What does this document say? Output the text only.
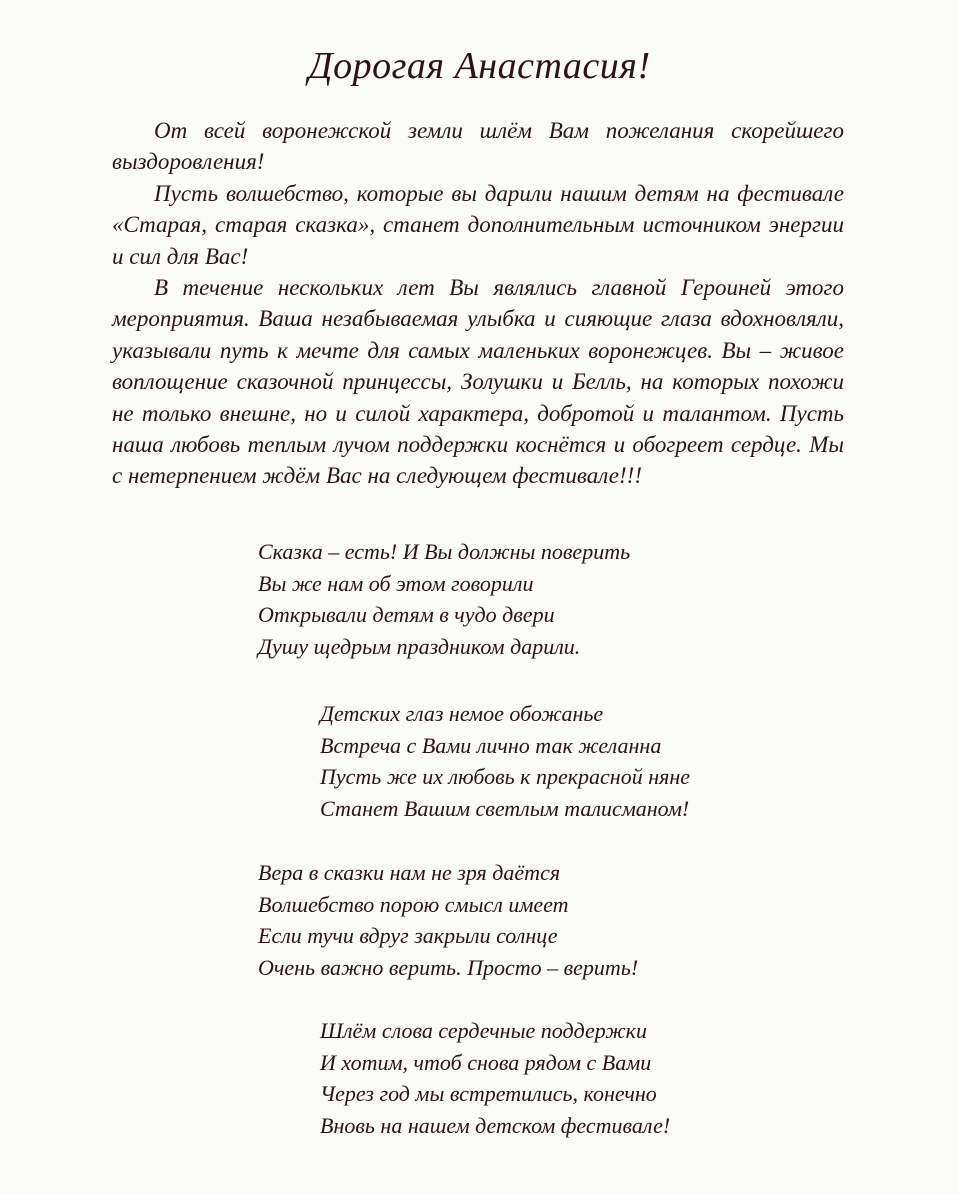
Дорогая Анастасия!

От всей воронежской земли шлём Вам пожелания скорейшего выздоровления!

Пусть волшебство, которые вы дарили нашим детям на фестивале «Старая, старая сказка», станет дополнительным источником энергии и сил для Вас!

В течение нескольких лет Вы являлись главной Героиней этого мероприятия. Ваша незабываемая улыбка и сияющие глаза вдохновляли, указывали путь к мечте для самых маленьких воронежцев. Вы – живое воплощение сказочной принцессы, Золушки и Белль, на которых похожи не только внешне, но и силой характера, добротой и талантом. Пусть наша любовь теплым лучом поддержки коснётся и обогреет сердце. Мы с нетерпением ждём Вас на следующем фестивале!!!

Сказка – есть! И Вы должны поверить
Вы же нам об этом говорили
Открывали детям в чудо двери
Душу щедрым праздником дарили.
Детских глаз немое обожанье
Встреча с Вами лично так желанна
Пусть же их любовь к прекрасной няне
Станет Вашим светлым талисманом!
Вера в сказки нам не зря даётся
Волшебство порою смысл имеет
Если тучи вдруг закрыли солнце
Очень важно верить. Просто – верить!
Шлём слова сердечные поддержки
И хотим, чтоб снова рядом с Вами
Через год мы встретились, конечно
Вновь на нашем детском фестивале!
